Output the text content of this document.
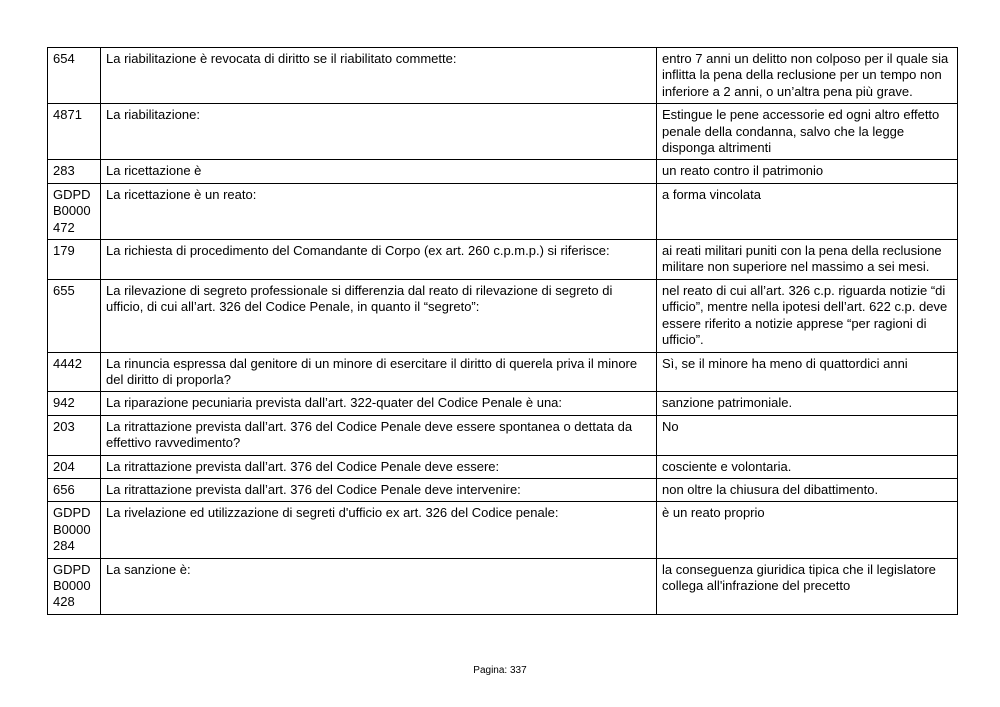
654	La riabilitazione è revocata di diritto se il riabilitato commette:	entro 7 anni un delitto non colposo per il quale sia inflitta la pena della reclusione per un tempo non inferiore a 2 anni, o un’altra pena più grave.
4871	La riabilitazione:	Estingue le pene accessorie ed ogni altro effetto penale della condanna, salvo che la legge disponga altrimenti
283	La ricettazione è	un reato contro il patrimonio
GDPD B0000 472	La ricettazione è un reato:	a forma vincolata
179	La richiesta di procedimento del Comandante di Corpo (ex art. 260 c.p.m.p.) si riferisce:	ai reati militari puniti con la pena della reclusione militare non superiore nel massimo a sei mesi.
655	La rilevazione di segreto professionale si differenzia dal reato di rilevazione di segreto di ufficio, di cui all’art. 326 del Codice Penale, in quanto il “segreto”:	nel reato di cui all’art. 326 c.p. riguarda notizie “di ufficio”, mentre nella ipotesi dell’art. 622 c.p. deve essere riferito a notizie apprese “per ragioni di ufficio”.
4442	La rinuncia espressa dal genitore di un minore di esercitare il diritto di querela priva il minore del diritto di proporla?	Sì, se il minore ha meno di quattordici anni
942	La riparazione pecuniaria prevista dall’art. 322-quater del Codice Penale è una:	sanzione patrimoniale.
203	La ritrattazione prevista dall’art. 376 del Codice Penale deve essere spontanea o dettata da effettivo ravvedimento?	No
204	La ritrattazione prevista dall’art. 376 del Codice Penale deve essere:	cosciente e volontaria.
656	La ritrattazione prevista dall’art. 376 del Codice Penale deve intervenire:	non oltre la chiusura del dibattimento.
GDPD B0000 284	La rivelazione ed utilizzazione di segreti d'ufficio ex art. 326 del Codice penale:	è un reato proprio
GDPD B0000 428	La sanzione è:	la conseguenza giuridica tipica che il legislatore collega all'infrazione del precetto
Pagina: 337
